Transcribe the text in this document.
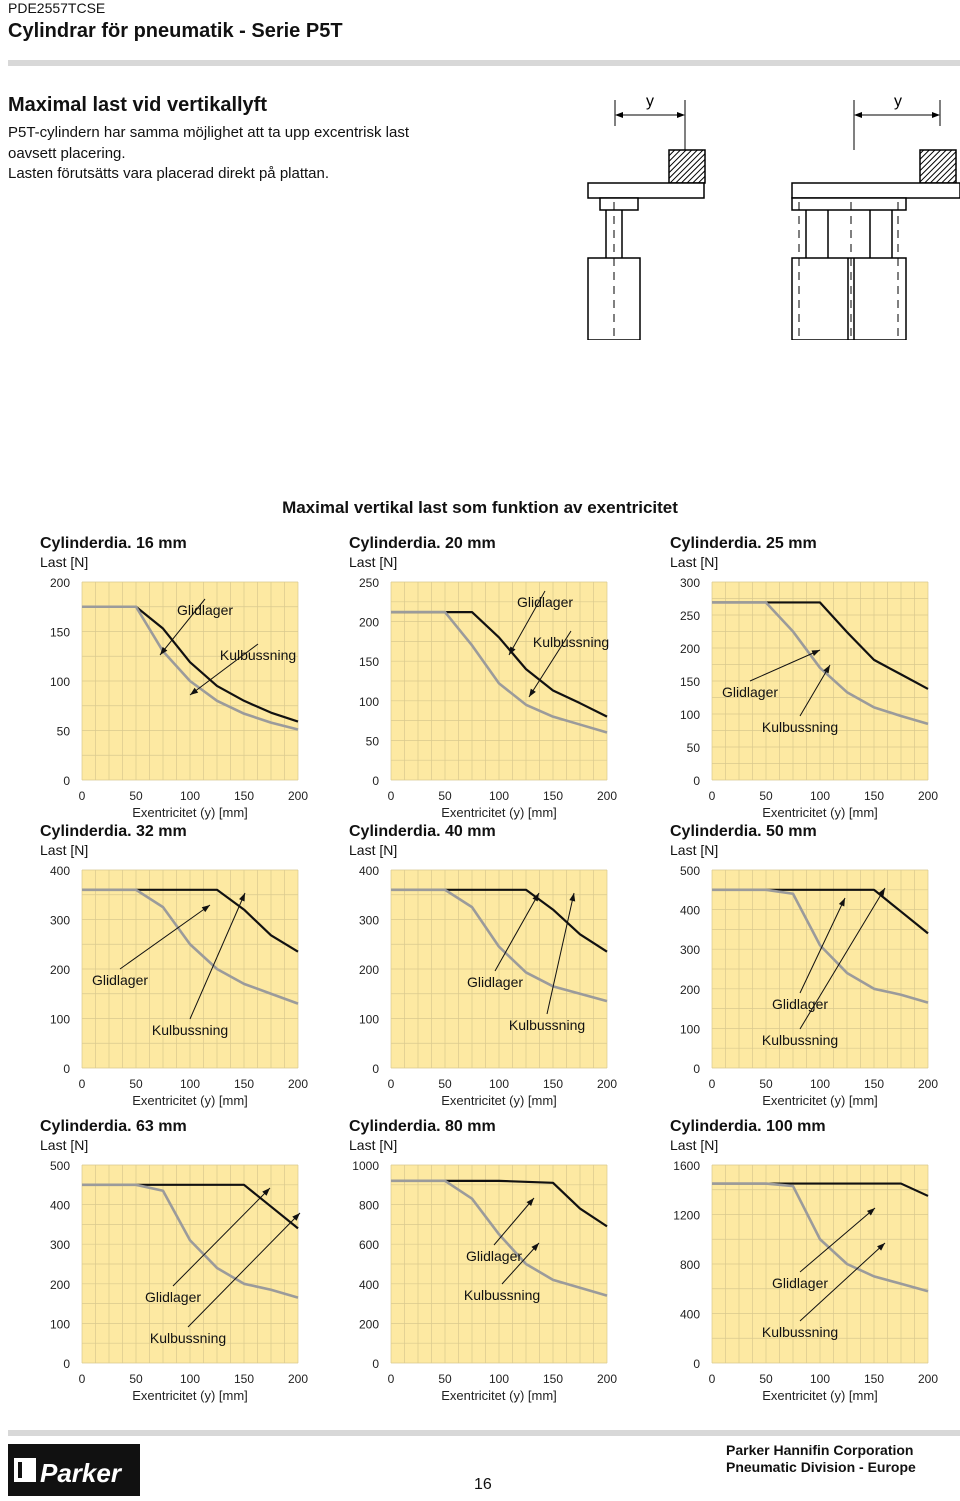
PDE2557TCSE
Cylindrar för pneumatik - Serie P5T
Maximal last vid vertikallyft
P5T-cylindern har samma möjlighet att ta upp excentrisk last
oavsett placering.
Lasten förutsätts vara placerad direkt på plattan.
y	y
Maximal vertikal last som funktion av exentricitet
Cylinderdia. 16 mm
Last [N]
200
150
100
50
0
0	50	100	150	200
Exentricitet (y) [mm]
Glidlager
Kulbussning
Cylinderdia. 20 mm
Last [N]
250
200
150
100
50
0
0	50	100	150	200
Exentricitet (y) [mm]
Glidlager
Kulbussning
Cylinderdia. 25 mm
Last [N]
300
250
200
150
100
50
0
0	50	100	150	200
Exentricitet (y) [mm]
Glidlager
Kulbussning
Cylinderdia. 32 mm
Last [N]
400
300
200
100
0
0	50	100	150	200
Exentricitet (y) [mm]
Glidlager
Kulbussning
Cylinderdia. 40 mm
Last [N]
400
300
200
100
0
0	50	100	150	200
Exentricitet (y) [mm]
Glidlager
Kulbussning
Cylinderdia. 50 mm
Last [N]
500
400
300
200
100
0
0	50	100	150	200
Exentricitet (y) [mm]
Glidlager
Kulbussning
Cylinderdia. 63 mm
Last [N]
500
400
300
200
100
0
0	50	100	150	200
Exentricitet (y) [mm]
Glidlager
Kulbussning
Cylinderdia. 80 mm
Last [N]
1000
800
600
400
200
0
0	50	100	150	200
Exentricitet (y) [mm]
Glidlager
Kulbussning
Cylinderdia. 100 mm
Last [N]
1600
1200
800
400
0
0	50	100	150	200
Exentricitet (y) [mm]
Glidlager
Kulbussning
Parker	16
Parker Hannifin Corporation
Pneumatic Division - Europe
